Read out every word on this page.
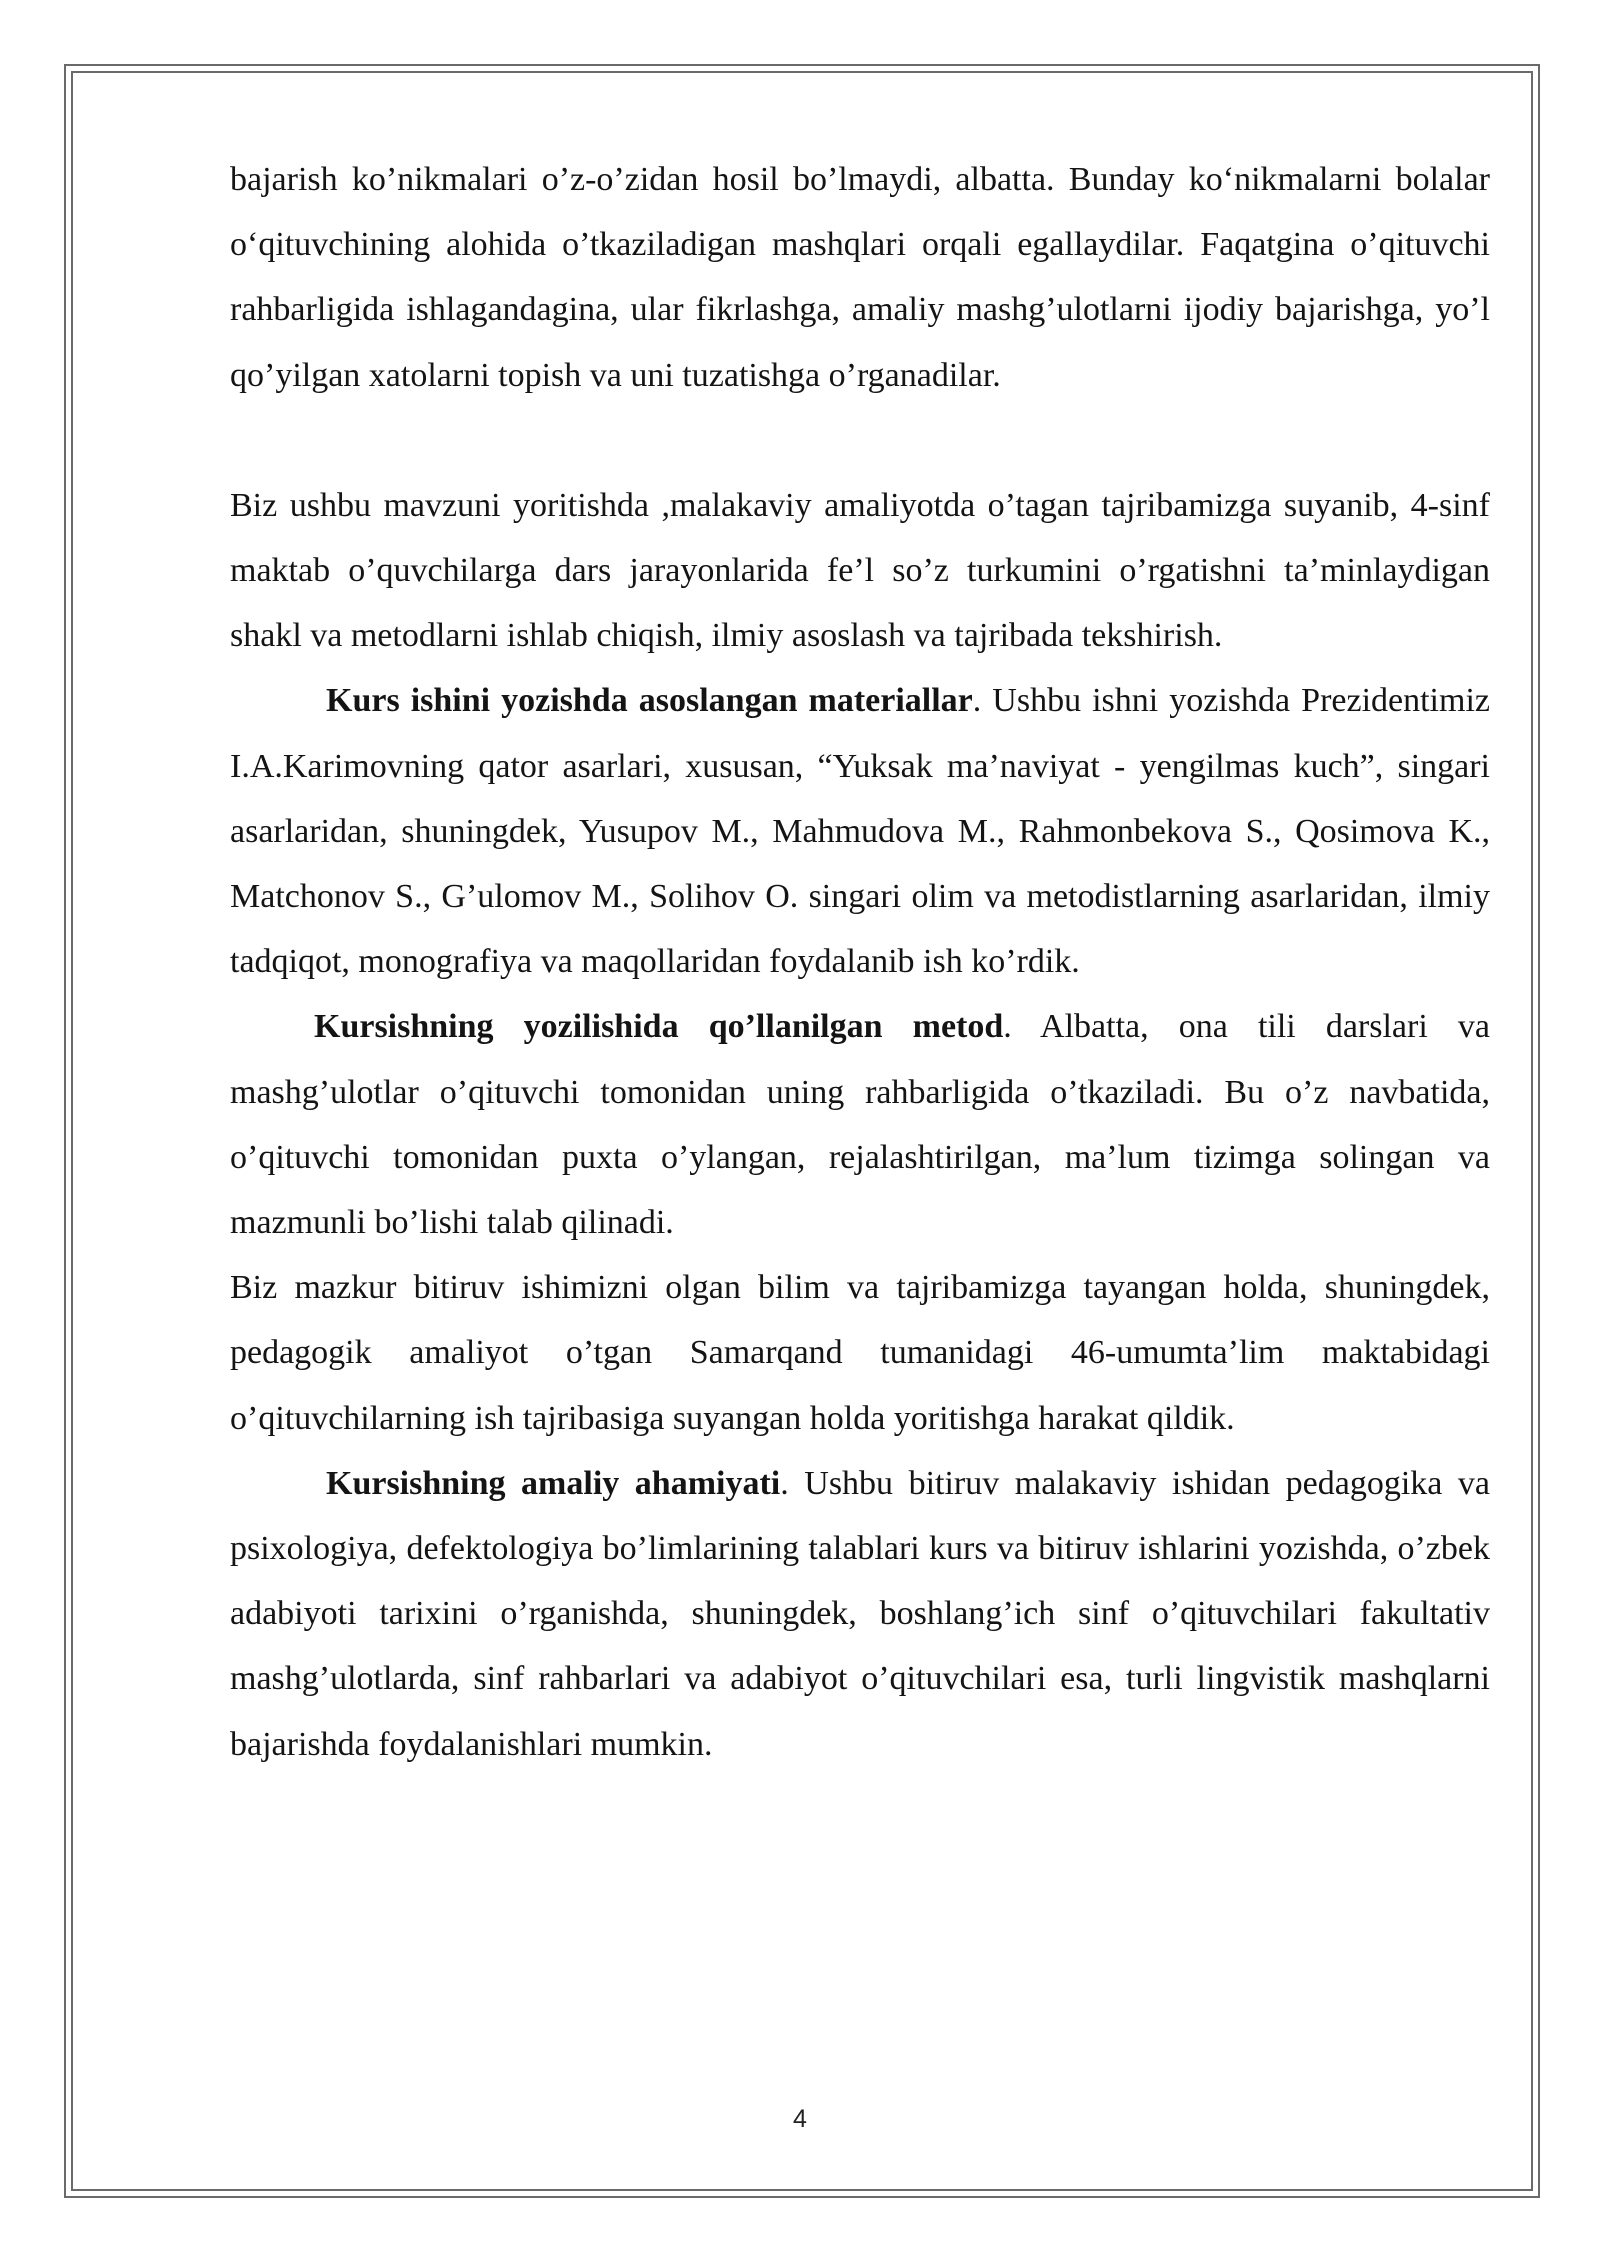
bajarish ko’nikmalari o’z-o’zidan hosil bo’lmaydi, albatta. Bunday ko‘nikmalarni bolalar o‘qituvchining alohida o’tkaziladigan mashqlari orqali egallaydilar. Faqatgina o’qituvchi rahbarligida ishlagandagina, ular fikrlashga, amaliy mashg’ulotlarni ijodiy bajarishga, yo’l qo’yilgan xatolarni topish va uni tuzatishga o’rganadilar.

Biz ushbu mavzuni yoritishda ,malakaviy amaliyotda o’tagan tajribamizga suyanib, 4-sinf maktab o’quvchilarga dars jarayonlarida fe’l so’z turkumini o’rgatishni ta’minlaydigan shakl va metodlarni ishlab chiqish, ilmiy asoslash va tajribada tekshirish.

Kurs ishini yozishda asoslangan materiallar. Ushbu ishni yozishda Prezidentimiz I.A.Karimovning qator asarlari, xususan, “Yuksak ma’naviyat - yengilmas kuch”, singari asarlaridan, shuningdek, Yusupov M., Mahmudova M., Rahmonbekova S., Qosimova K., Matchonov S., G’ulomov M., Solihov O. singari olim va metodistlarning asarlaridan, ilmiy tadqiqot, monografiya va maqollaridan foydalanib ish ko’rdik.

Kursishning yozilishida qo’llanilgan metod. Albatta, ona tili darslari va mashg’ulotlar o’qituvchi tomonidan uning rahbarligida o’tkaziladi. Bu o’z navbatida, o’qituvchi tomonidan puxta o’ylangan, rejalashtirilgan, ma’lum tizimga solingan va mazmunli bo’lishi talab qilinadi.

Biz mazkur bitiruv ishimizni olgan bilim va tajribamizga tayangan holda, shuningdek, pedagogik amaliyot o’tgan Samarqand tumanidagi 46-umumta’lim maktabidagi o’qituvchilarning ish tajribasiga suyangan holda yoritishga harakat qildik.

Kursishning amaliy ahamiyati. Ushbu bitiruv malakaviy ishidan pedagogika va psixologiya, defektologiya bo’limlarining talablari kurs va bitiruv ishlarini yozishda, o’zbek adabiyoti tarixini o’rganishda, shuningdek, boshlang’ich sinf o’qituvchilari fakultativ mashg’ulotlarda, sinf rahbarlari va adabiyot o’qituvchilari esa, turli lingvistik mashqlarni bajarishda foydalanishlari mumkin.

4
